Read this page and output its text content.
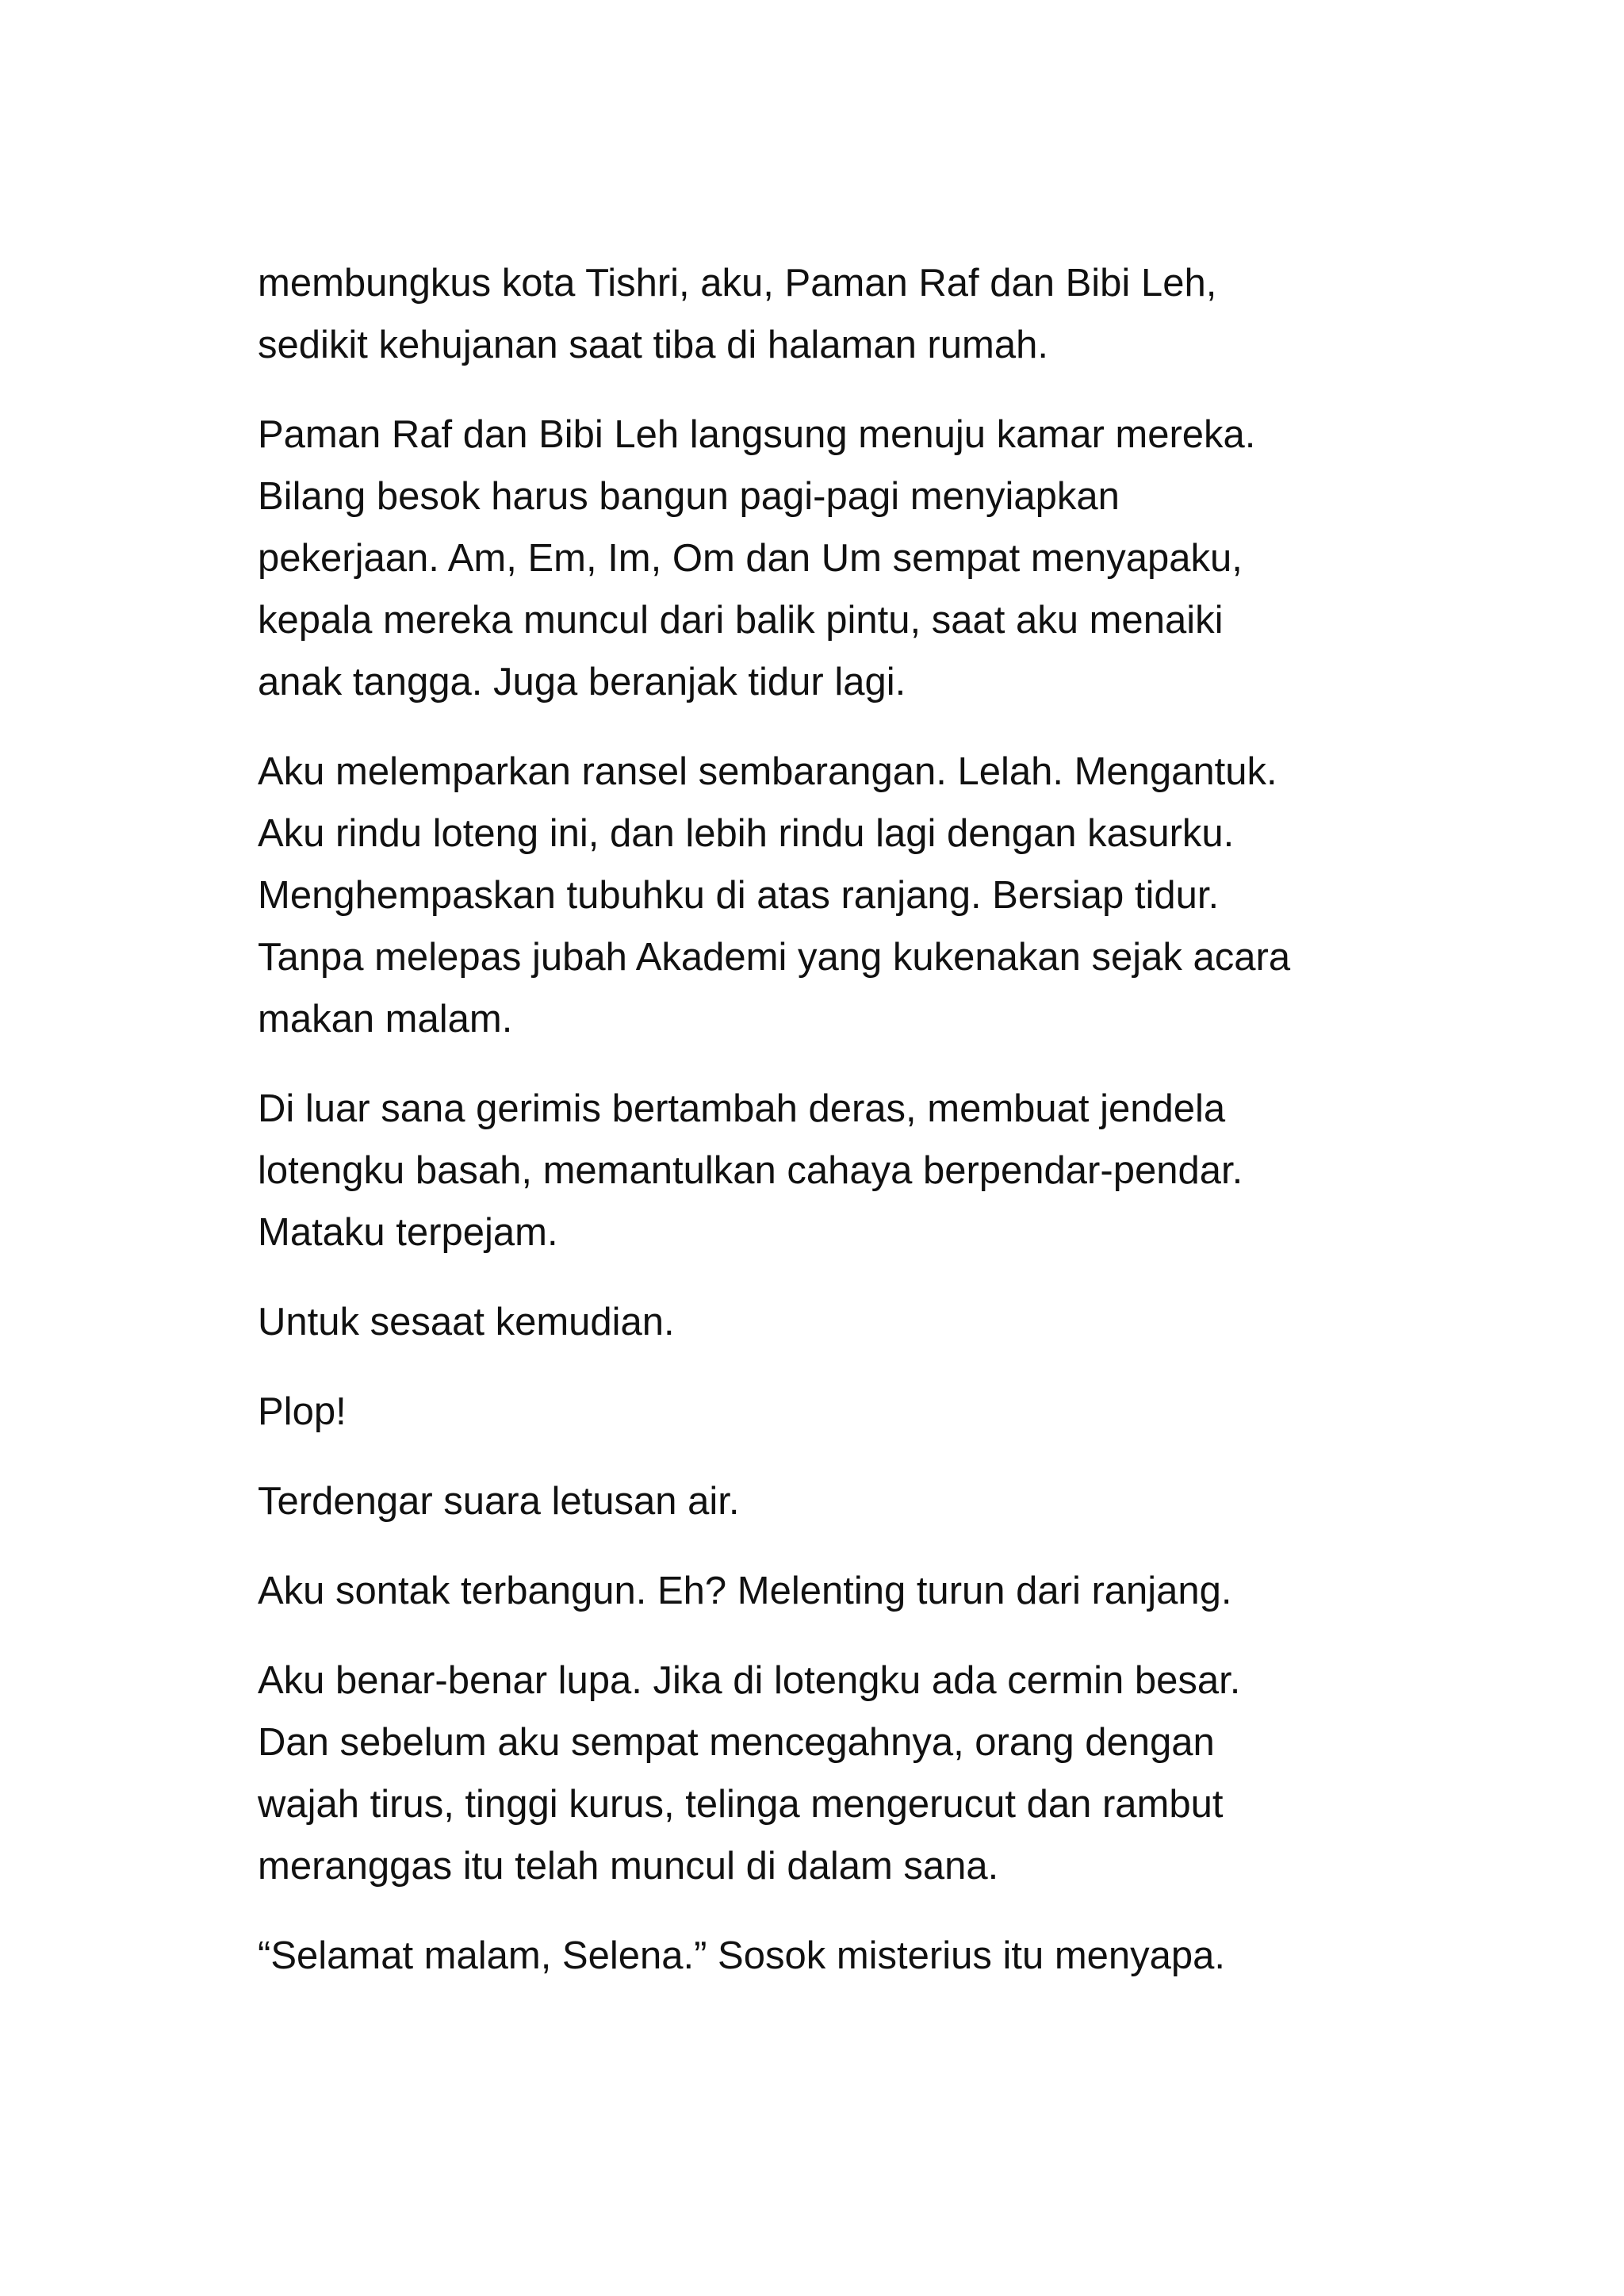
membungkus kota Tishri, aku, Paman Raf dan Bibi Leh,
sedikit kehujanan saat tiba di halaman rumah.

Paman Raf dan Bibi Leh langsung menuju kamar mereka.
Bilang besok harus bangun pagi-pagi menyiapkan
pekerjaan. Am, Em, Im, Om dan Um sempat menyapaku,
kepala mereka muncul dari balik pintu, saat aku menaiki
anak tangga. Juga beranjak tidur lagi.

Aku melemparkan ransel sembarangan. Lelah. Mengantuk.
Aku rindu loteng ini, dan lebih rindu lagi dengan kasurku.
Menghempaskan tubuhku di atas ranjang. Bersiap tidur.
Tanpa melepas jubah Akademi yang kukenakan sejak acara
makan malam.

Di luar sana gerimis bertambah deras, membuat jendela
lotengku basah, memantulkan cahaya berpendar-pendar.
Mataku terpejam.

Untuk sesaat kemudian.

Plop!

Terdengar suara letusan air.

Aku sontak terbangun. Eh? Melenting turun dari ranjang.

Aku benar-benar lupa. Jika di lotengku ada cermin besar.
Dan sebelum aku sempat mencegahnya, orang dengan
wajah tirus, tinggi kurus, telinga mengerucut dan rambut
meranggas itu telah muncul di dalam sana.

“Selamat malam, Selena.” Sosok misterius itu menyapa.
